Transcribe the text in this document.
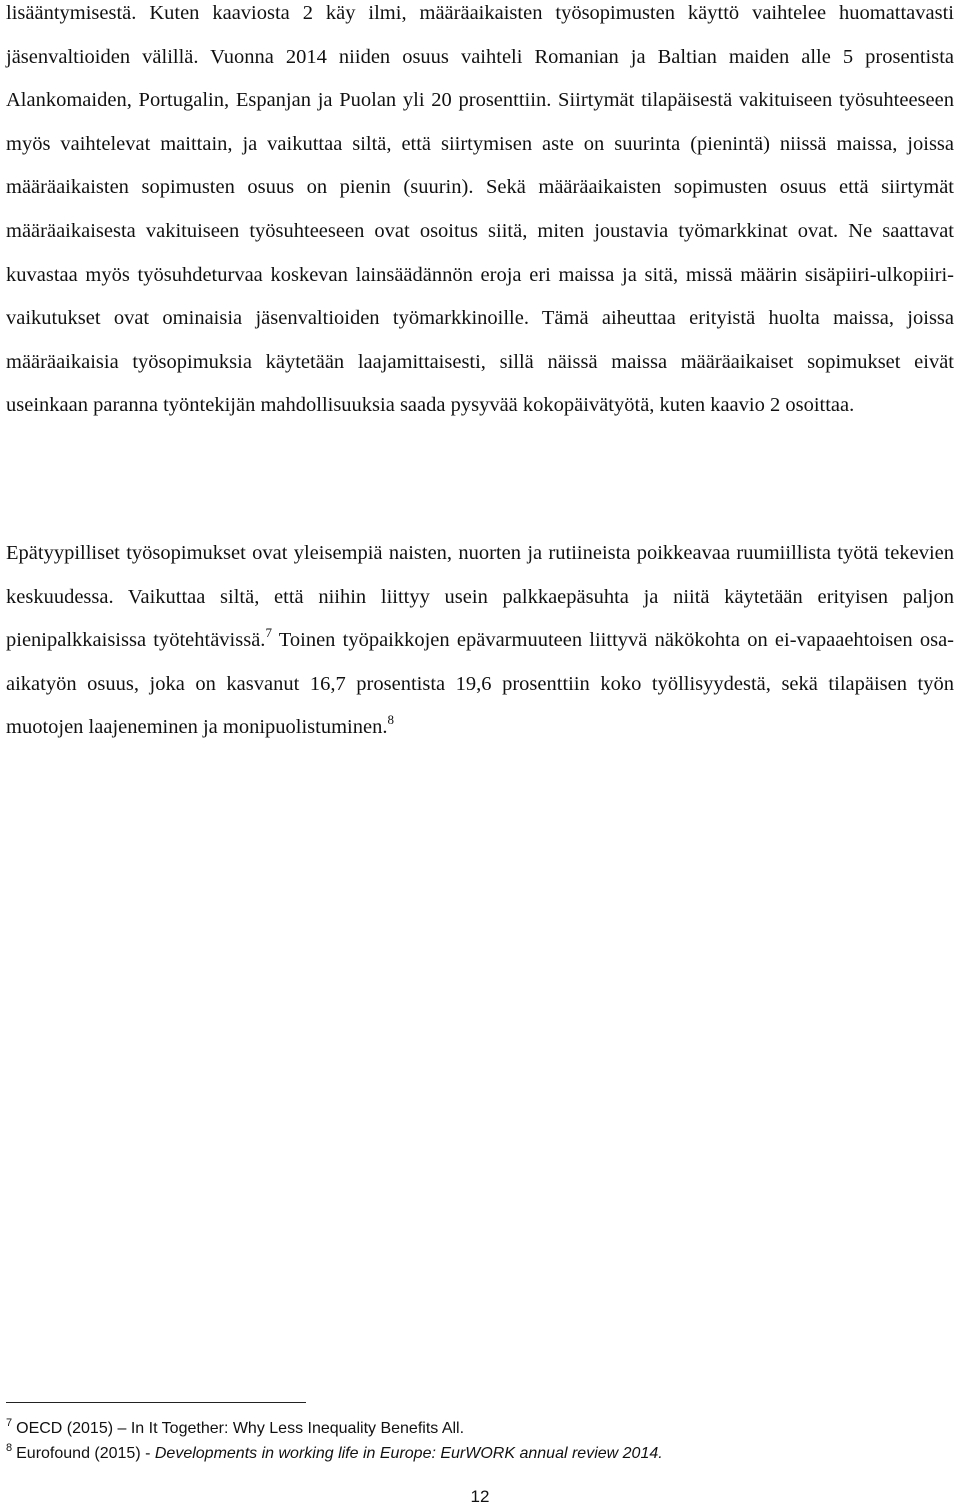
lisääntymisestä. Kuten kaaviosta 2 käy ilmi, määräaikaisten työsopimusten käyttö vaihtelee huomattavasti jäsenvaltioiden välillä. Vuonna 2014 niiden osuus vaihteli Romanian ja Baltian maiden alle 5 prosentista Alankomaiden, Portugalin, Espanjan ja Puolan yli 20 prosenttiin. Siirtymät tilapäisestä vakituiseen työsuhteeseen myös vaihtelevat maittain, ja vaikuttaa siltä, että siirtymisen aste on suurinta (pienintä) niissä maissa, joissa määräaikaisten sopimusten osuus on pienin (suurin). Sekä määräaikaisten sopimusten osuus että siirtymät määräaikaisesta vakituiseen työsuhteeseen ovat osoitus siitä, miten joustavia työmarkkinat ovat. Ne saattavat kuvastaa myös työsuhdeturvaa koskevan lainsäädännön eroja eri maissa ja sitä, missä määrin sisäpiiri-ulkopiiri-vaikutukset ovat ominaisia jäsenvaltioiden työmarkkinoille. Tämä aiheuttaa erityistä huolta maissa, joissa määräaikaisia työsopimuksia käytetään laajamittaisesti, sillä näissä maissa määräaikaiset sopimukset eivät useinkaan paranna työntekijän mahdollisuuksia saada pysyvää kokopäivätyötä, kuten kaavio 2 osoittaa.

Epätyypilliset työsopimukset ovat yleisempiä naisten, nuorten ja rutiineista poikkeavaa ruumiillista työtä tekevien keskuudessa. Vaikuttaa siltä, että niihin liittyy usein palkkaepäsuhta ja niitä käytetään erityisen paljon pienipalkkaisissa työtehtävissä.$^7$ Toinen työpaikkojen epävarmuuteen liittyvä näkökohta on ei-vapaaehtoisen osa-aikatyön osuus, joka on kasvanut 16,7 prosentista 19,6 prosenttiin koko työllisyydestä, sekä tilapäisen työn muotojen laajeneminen ja monipuolistuminen.$^8$

$^7$ OECD (2015) – In It Together: Why Less Inequality Benefits All.
$^8$ Eurofound (2015) - Developments in working life in Europe: EurWORK annual review 2014.
12
